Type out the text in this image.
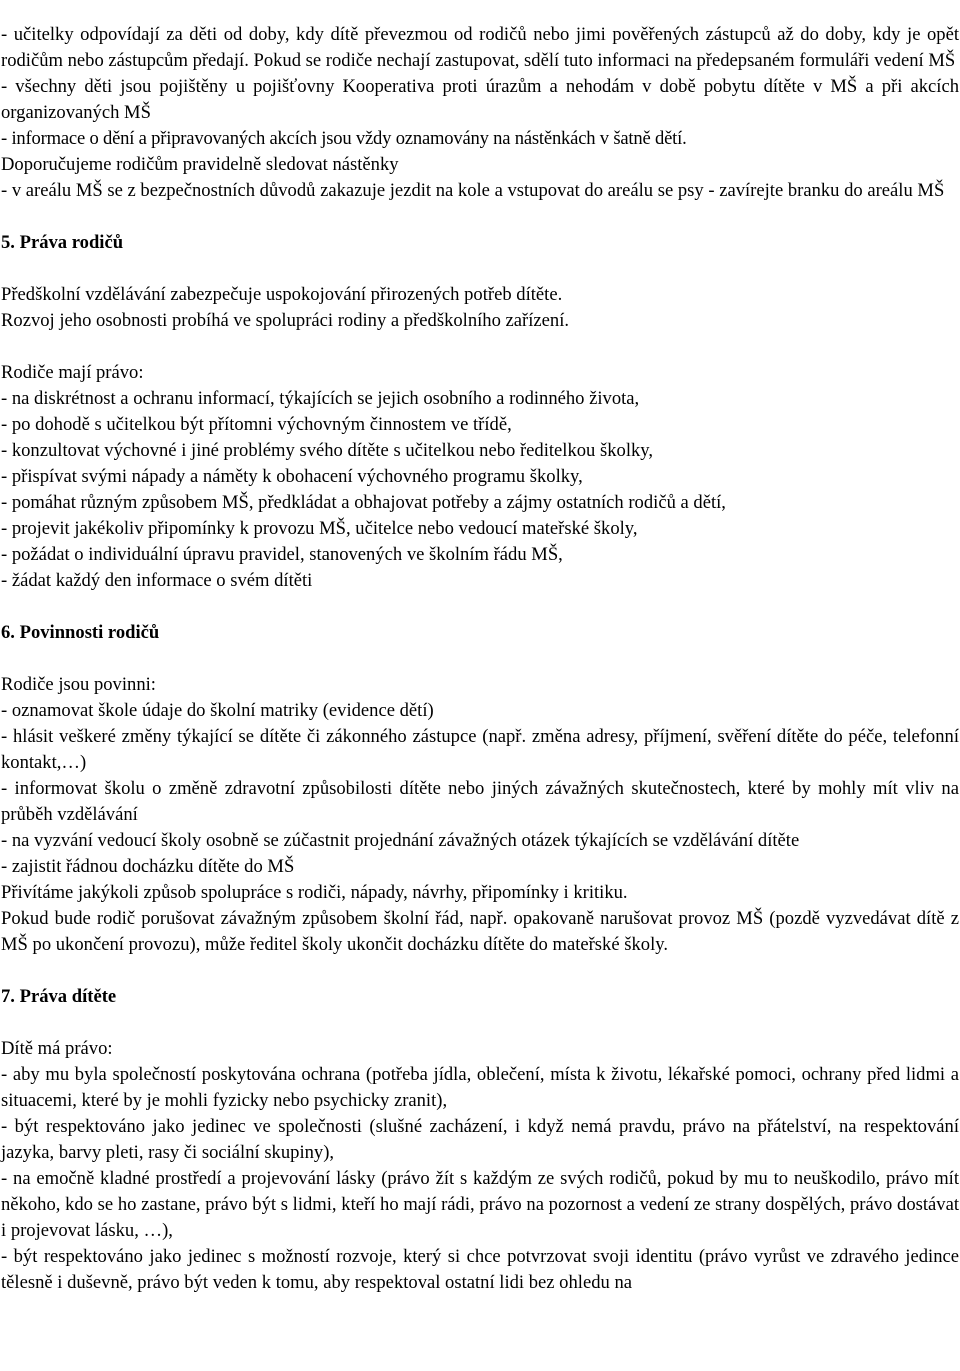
- učitelky odpovídají za děti od doby, kdy dítě převezmou od rodičů nebo jimi pověřených zástupců až do doby, kdy je opět rodičům nebo zástupcům předají. Pokud se rodiče nechají zastupovat, sdělí tuto informaci na předepsaném formuláři vedení MŠ

- všechny děti jsou pojištěny u pojišťovny Kooperativa proti úrazům a nehodám v době pobytu dítěte v MŠ a při akcích organizovaných MŠ

- informace o dění a připravovaných akcích jsou vždy oznamovány na nástěnkách v šatně dětí.

Doporučujeme rodičům pravidelně sledovat nástěnky

- v areálu MŠ se z bezpečnostních důvodů zakazuje jezdit na kole a vstupovat do areálu se psy - zavírejte branku do areálu MŠ

5. Práva rodičů

Předškolní vzdělávání zabezpečuje uspokojování přirozených potřeb dítěte.

Rozvoj jeho osobnosti probíhá ve spolupráci rodiny a předškolního zařízení.

Rodiče mají právo:

- na diskrétnost a ochranu informací, týkajících se jejich osobního a rodinného života,

- po dohodě s učitelkou být přítomni výchovným činnostem ve třídě,

- konzultovat výchovné i jiné problémy svého dítěte s učitelkou nebo ředitelkou školky,

- přispívat svými nápady a náměty k obohacení výchovného programu školky,

- pomáhat různým způsobem MŠ, předkládat a obhajovat potřeby a zájmy ostatních rodičů a dětí,

- projevit jakékoliv připomínky k provozu MŠ, učitelce nebo vedoucí mateřské školy,

- požádat o individuální úpravu pravidel, stanovených ve školním řádu MŠ,

- žádat každý den informace o svém dítěti

6. Povinnosti rodičů

Rodiče jsou povinni:

- oznamovat škole údaje do školní matriky (evidence dětí)

- hlásit veškeré změny týkající se dítěte či zákonného zástupce (např. změna adresy, příjmení, svěření dítěte do péče, telefonní kontakt,…)

- informovat školu o změně zdravotní způsobilosti dítěte nebo jiných závažných skutečnostech, které by mohly mít vliv na průběh vzdělávání

- na vyzvání vedoucí školy osobně se zúčastnit projednání závažných otázek týkajících se vzdělávání dítěte

- zajistit řádnou docházku dítěte do MŠ

Přivítáme jakýkoli způsob spolupráce s rodiči, nápady, návrhy, připomínky i kritiku.

Pokud bude rodič porušovat závažným způsobem školní řád, např. opakovaně narušovat provoz MŠ (pozdě vyzvedávat dítě z MŠ po ukončení provozu), může ředitel školy ukončit docházku dítěte do mateřské školy.

7. Práva dítěte

Dítě má právo:

- aby mu byla společností poskytována ochrana (potřeba jídla, oblečení, místa k životu, lékařské pomoci, ochrany před lidmi a situacemi, které by je mohli fyzicky nebo psychicky zranit),

- být respektováno jako jedinec ve společnosti (slušné zacházení, i když nemá pravdu, právo na přátelství, na respektování jazyka, barvy pleti, rasy či sociální skupiny),

- na emočně kladné prostředí a projevování lásky (právo žít s každým ze svých rodičů, pokud by mu to neuškodilo, právo mít někoho, kdo se ho zastane, právo být s lidmi, kteří ho mají rádi, právo na pozornost a vedení ze strany dospělých, právo dostávat i projevovat lásku, …),

- být respektováno jako jedinec s možností rozvoje, který si chce potvrzovat svoji identitu (právo vyrůst ve zdravého jedince tělesně i duševně, právo být veden k tomu, aby respektoval ostatní lidi bez ohledu na
